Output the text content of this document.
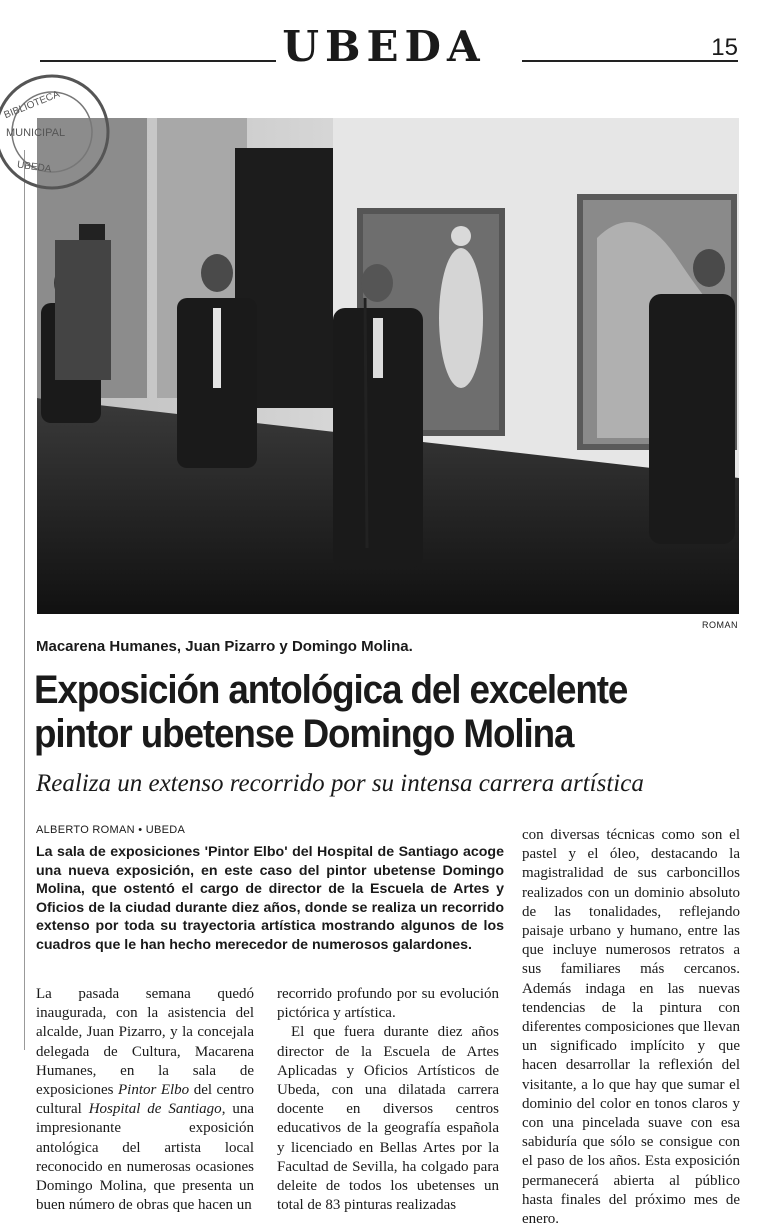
UBEDA	15
ROMAN
Macarena Humanes, Juan Pizarro y Domingo Molina.
BIBLIOTECA
MUNICIPAL
UBEDA
Exposición antológica del excelente
pintor ubetense Domingo Molina
Realiza un extenso recorrido por su intensa carrera artística
ALBERTO ROMAN • UBEDA
La sala de exposiciones 'Pintor Elbo' del Hospital de Santiago acoge una nueva exposición, en este caso del pintor ubetense Domingo Molina, que ostentó el cargo de director de la Escuela de Artes y Oficios de la ciudad durante diez años, donde se realiza un recorrido extenso por toda su trayectoria artística mostrando algunos de los cuadros que le han hecho merecedor de numerosos galardones.

La pasada semana quedó inaugurada, con la asistencia del alcalde, Juan Pizarro, y la concejala delegada de Cultura, Macarena Humanes, en la sala de exposiciones Pintor Elbo del centro cultural Hospital de Santiago, una impresionante exposición antológica del artista local reconocido en numerosas ocasiones Domingo Molina, que presenta un buen número de obras que hacen un

recorrido profundo por su evolución pictórica y artística.

El que fuera durante diez años director de la Escuela de Artes Aplicadas y Oficios Artísticos de Ubeda, con una dilatada carrera docente en diversos centros educativos de la geografía española y licenciado en Bellas Artes por la Facultad de Sevilla, ha colgado para deleite de todos los ubetenses un total de 83 pinturas realizadas

con diversas técnicas como son el pastel y el óleo, destacando la magistralidad de sus carboncillos realizados con un dominio absoluto de las tonalidades, reflejando paisaje urbano y humano, entre las que incluye numerosos retratos a sus familiares más cercanos. Además indaga en las nuevas tendencias de la pintura con diferentes composiciones que llevan un significado implícito y que hacen desarrollar la reflexión del visitante, a lo que hay que sumar el dominio del color en tonos claros y con una pincelada suave con esa sabiduría que sólo se consigue con el paso de los años. Esta exposición permanecerá abierta al público hasta finales del próximo mes de enero.
